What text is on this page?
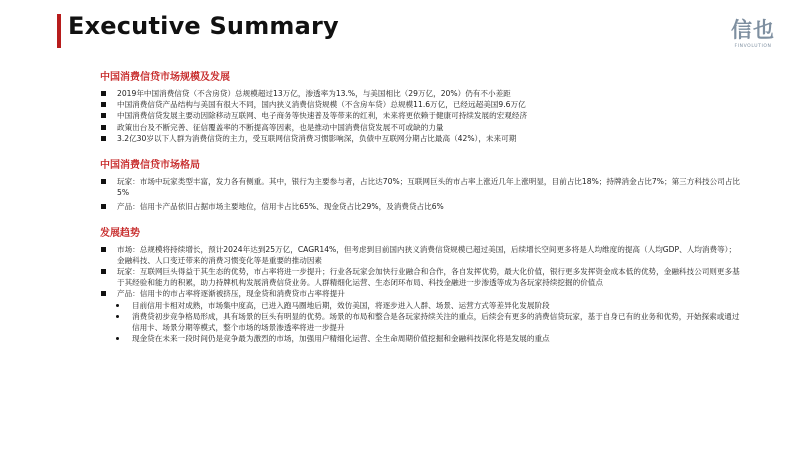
Executive Summary	信也
FINVOLUTION
中国消费信贷市场规模及发展
2019年中国消费信贷（不含房贷）总规模超过13万亿，渗透率为13.%，与美国相比（29万亿，20%）仍有不小差距
中国消费信贷产品结构与美国有很大不同，国内狭义消费信贷规模（不含房车贷）总规模11.6万亿，已经远超美国9.6万亿
中国消费信贷发展主要动因除移动互联网、电子商务等快速普及等带来的红利，未来将更依赖于健康可持续发展的宏观经济
政策出台及不断完善、征信覆盖率的不断提高等因素，也是推动中国消费信贷发展不可或缺的力量
3.2亿30岁以下人群为消费信贷的主力，受互联网信贷消费习惯影响深，负债中互联网分期占比最高（42%），未来可期
中国消费信贷市场格局
玩家：市场中玩家类型丰富，发力各有侧重。其中，银行为主要参与者，占比达70%；互联网巨头的市占率上涨近几年上涨明显，目前占比18%；持牌消金占比7%；第三方科技公司占比5%
产品：信用卡产品依旧占据市场主要地位，信用卡占比65%、现金贷占比29%，及消费贷占比6%
发展趋势
市场：总规模将持续增长，预计2024年达到25万亿，CAGR14%，但考虑到目前国内狭义消费信贷规模已超过美国，后续增长空间更多将是人均维度的提高（人均GDP、人均消费等）；金融科技、人口变迁带来的消费习惯变化等是重要的推动因素
玩家：互联网巨头得益于其生态的优势，市占率将进一步提升；行业各玩家会加快行业融合和合作，各自发挥优势，最大化价值，银行更多发挥资金成本低的优势，金融科技公司则更多基于其经验和能力的积累，助力持牌机构发展消费信贷业务。人群精细化运营、生态闭环布局、科技金融进一步渗透等成为各玩家持续挖掘的价值点
产品：信用卡的市占率将逐渐被挤压，现金贷和消费贷市占率将提升
目前信用卡相对成熟，市场集中度高，已进入跑马圈地后期，效仿美国，将逐步进入人群、场景、运营方式等差异化发展阶段
消费贷初步竞争格局形成，具有场景的巨头有明显的优势。场景的布局和整合是各玩家持续关注的重点，后续会有更多的消费信贷玩家，基于自身已有的业务和优势，开始探索或通过信用卡、场景分期等模式，整个市场的场景渗透率将进一步提升
现金贷在未来一段时间仍是竞争最为激烈的市场，加强用户精细化运营、全生命周期价值挖掘和金融科技深化将是发展的重点
